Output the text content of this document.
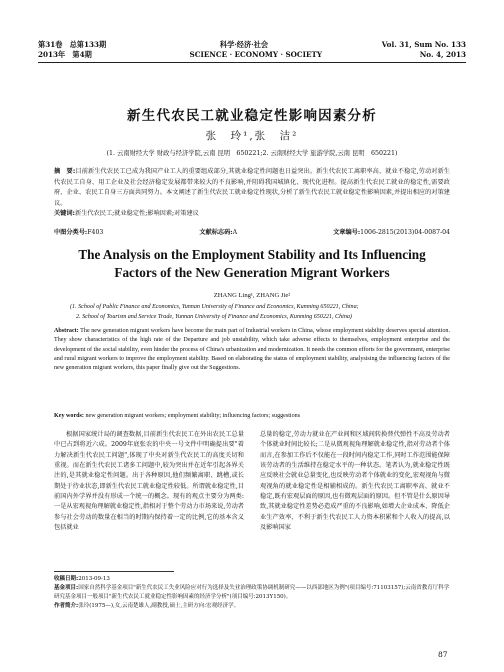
第31卷　总第133期	科学·经济·社会	Vol. 31, Sum No. 133
2013年　第4期	SCIENCE · ECONOMY · SOCIETY	No. 4, 2013
新生代农民工就业稳定性影响因素分析
张　玲¹,张　洁²
(1. 云南财经大学 财政与经济学院,云南 昆明　650221;2. 云南财经大学 旅游学院,云南 昆明　650221)
摘　要:目前新生代农民工已成为我国产业工人的重要组成部分,其就业稳定性问题也日益突出。新生代农民工离职率高、就业不稳定,劳动对新生代农民工自身、用工企业及社会经济稳定发展都带来较大的不良影响,并阻碍我国城镇化、现代化进程。提高新生代农民工就业的稳定性,需要政府、企业、农民工自身三方面共同努力。本文阐述了新生代农民工就业稳定性现状,分析了新生代农民工就业稳定性影响因素,并提出相应的对策建议。
关键词:新生代农民工;就业稳定性;影响因素;对策建议
中图分类号:F403	文献标志码:A	文章编号:1006-2815(2013)04-0087-04
The Analysis on the Employment Stability and Its Influencing
Factors of the New Generation Migrant Workers
ZHANG Ling¹, ZHANG Jie²
(1. School of Public Finance and Economics, Yunnan University of Finance and Economics, Kunming 650221, China;
2. School of Tourism and Service Trade, Yunnan University of Finance and Economics, Kunming 650221, China)
Abstract: The new generation migrant workers have become the main part of Industrial workers in China, whose employment stability deserves special attention. They show characteristics of the high rate of the Departure and job unstability, which take adverse effects to themselves, employment enterprise and the development of the social stability, even hinder the process of China's urbanization and modernization. It needs the common efforts for the government, enterprise and rural migrant workers to improve the employment stability. Based on elaborating the status of employment stability, analysising the influencing factors of the new generation migrant workers, this paper finally give out the Suggestions.
Key words: new generation migrant workers; employment stability; influencing factors; suggestions
根据国家统计局的调查数据,目前新生代农民工在外出农民工总量中已占到将近六成。2009年底张农的中央一号文件中明确提出要"着力解决新生代农民工问题",体现了中央对新生代农民工的高度关切和重视。而在新生代农民工诸多工问题中,较为突出并在近年引起各界关注的,是其就业稳定性问题。出于各种原因,他们频繁离职、跳槽,或长期处于待业状态,即新生代农民工就业稳定性较低。所谓就业稳定性,目前国内外学界并没有形成一个统一的概念。现有的观点主要分为两类:一是从宏观视角理解就业稳定性,指相对于整个劳动力市场来说,劳动者参与社会劳动的数量在相当的时期内保持着一定的比例,它的基本含义包括就业
总量的稳定,劳动力就业在产业间和区域间转换替代弹性不高及劳动者个体就业时间比较长;二是从微观视角理解就业稳定性,指对劳动者个体而言,在参加工作后不仅能在一段时间内稳定工作,同时工作范围能保障该劳动者的生活维持在稳定水平的一种状态。笔者认为,就业稳定性既应反映社会就业总量变化,也反映劳动者个体就业的变化,宏观视角与微观视角的就业稳定性是相辅相成的。新生代农民工离职率高、就业不稳定,既有宏观层面的原因,也有微观层面的原因。但不管是什么原因导致,其就业稳定性差势必造成严重的不良影响,如增大企业成本、降低企业生产效率、不利于新生代农民工人力资本积累和个人收入的提高,以及影响国家
收稿日期:2013-09-13
基金项目:国家自然科学基金项目"新生代农民工失业风险应对行为选择及失业治理政策协调机制研究——以西部地区为例"(项目编号:71103157);云南省教育厅科学研究基金项目一般项目"新生代农民工就业稳定性影响因素的经济学分析"(项目编号:2013Y150)。
作者简介:张玲(1975—),女,云南楚雄人,副教授,硕士,主研方向:宏观经济学。
87
